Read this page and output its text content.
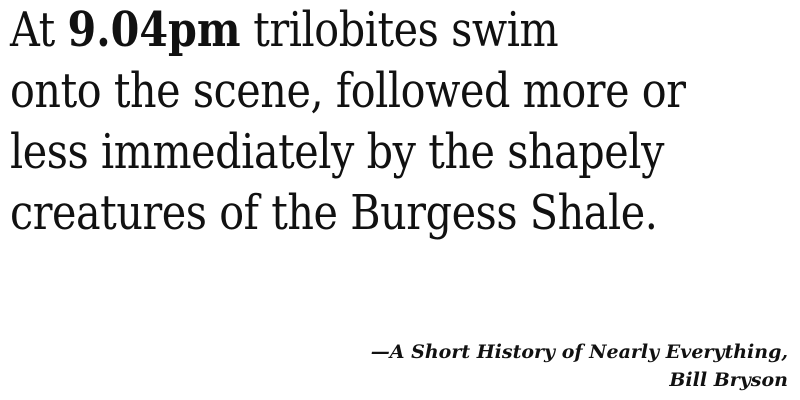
At 9.04pm trilobites swim
onto the scene, followed more or
less immediately by the shapely
creatures of the Burgess Shale.

—A Short History of Nearly Everything,
Bill Bryson
